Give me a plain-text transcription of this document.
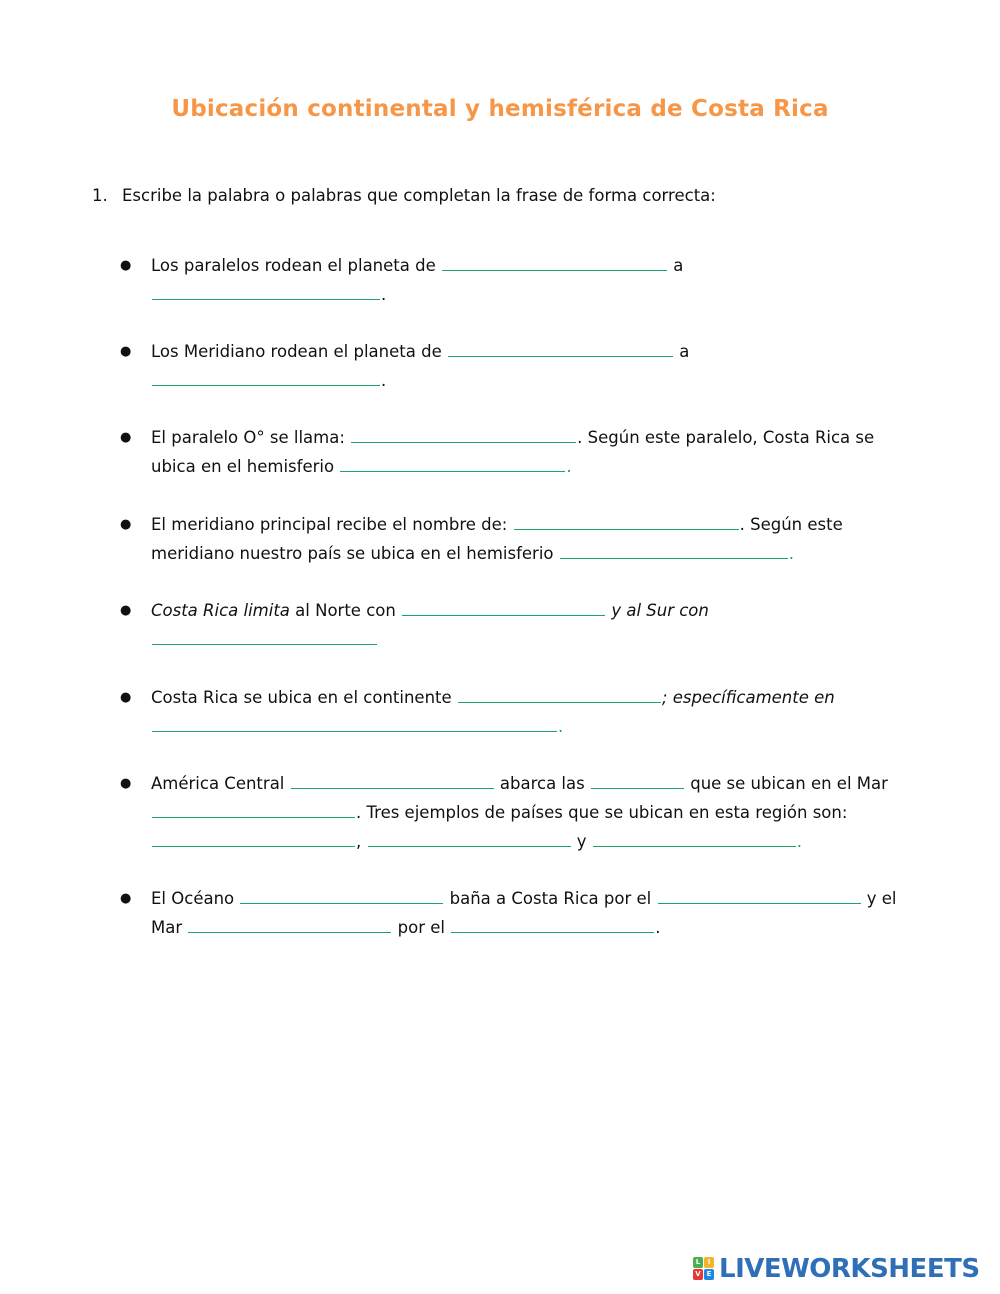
Ubicación continental y hemisférica de Costa Rica
1. Escribe la palabra o palabras que completan la frase de forma correcta:
● Los paralelos rodean el planeta de	a
.
● Los Meridiano rodean el planeta de	a
.
● El paralelo O° se llama:	. Según este paralelo, Costa Rica se
ubica en el hemisferio	.
● El meridiano principal recibe el nombre de:	. Según este
meridiano nuestro país se ubica en el hemisferio	.
● Costa Rica limita al Norte con	y al Sur con
● Costa Rica se ubica en el continente	; específicamente en
.
● América Central	abarca las	que se ubican en el Mar
. Tres ejemplos de países que se ubican en esta región son:
,	y	.
● El Océano	baña a Costa Rica por el	y el
Mar	por el	.
L	I
V E LIVEWORKSHEETS
